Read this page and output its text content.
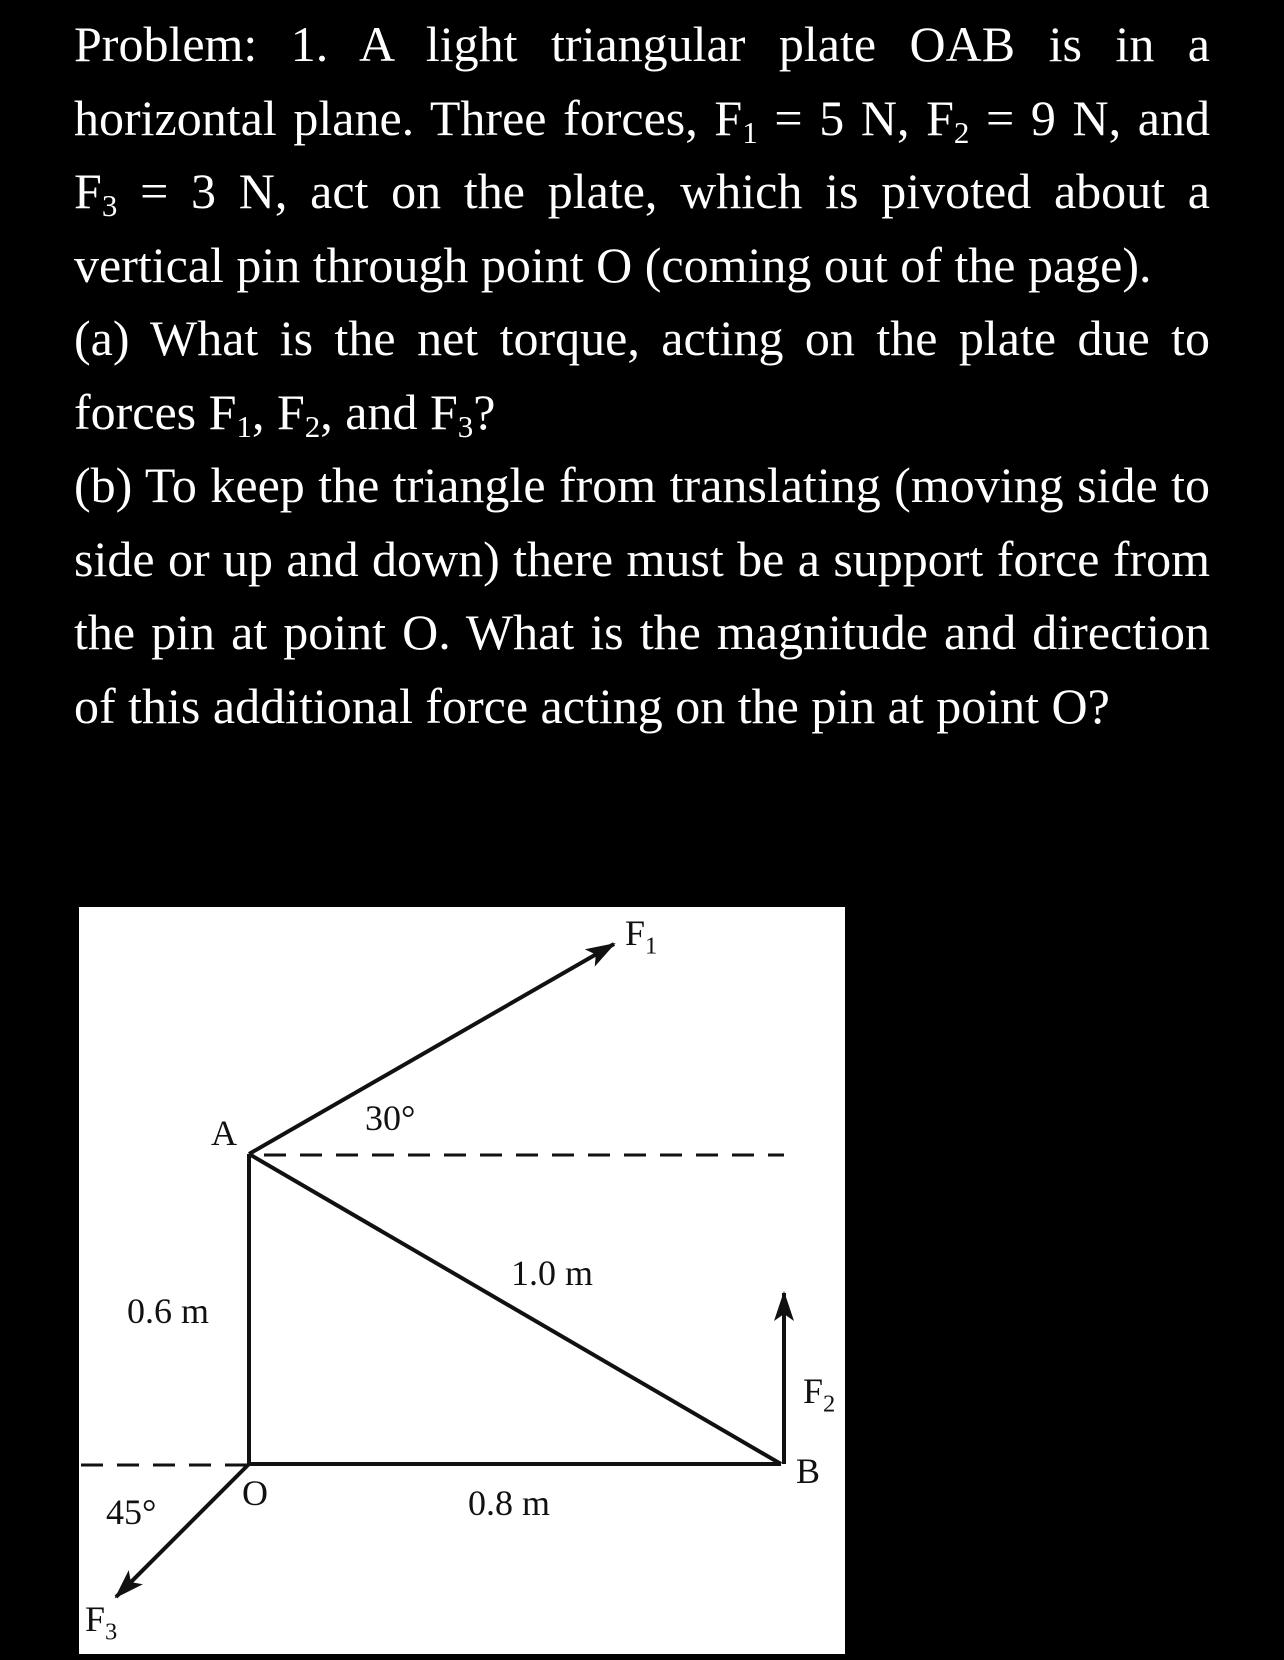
Problem: 1. A light triangular plate OAB is in a horizontal plane. Three forces, $F_1 = 5$ N, $F_2 = 9$ N, and $F_3 = 3$ N, act on the plate, which is pivoted about a vertical pin through point O (coming out of the page).

(a) What is the net torque, acting on the plate due to forces $F_1$, $F_2$, and $F_3$?

(b) To keep the triangle from translating (moving side to side or up and down) there must be a support force from the pin at point O. What is the magnitude and direction of this additional force acting on the pin at point O?

$F_1$
$F_2$
$F_3$
A
B
O
30°
45°
0.6 m
1.0 m
0.8 m
